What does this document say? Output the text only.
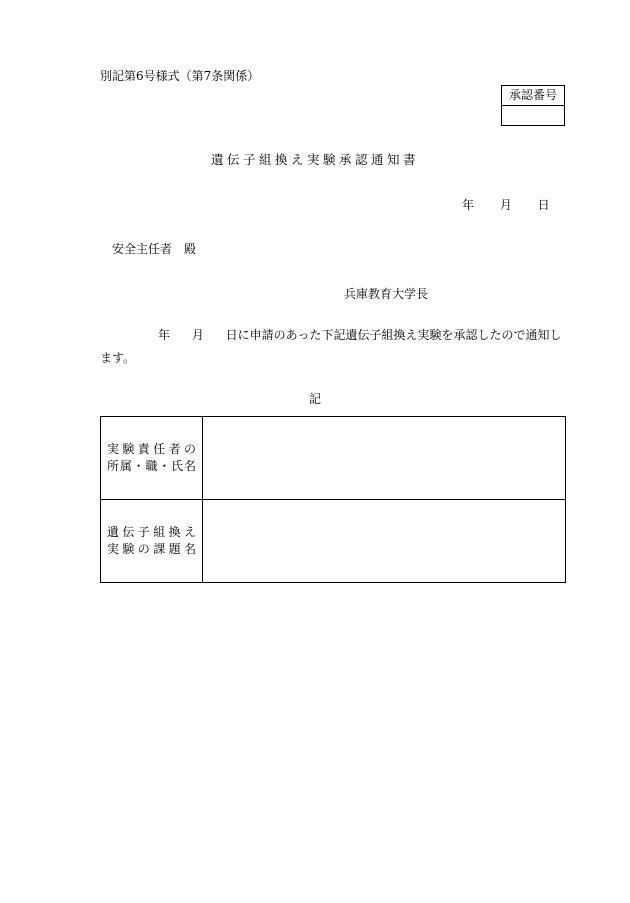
別記第6号様式（第7条関係）
承認番号
遺伝子組換え実験承認通知書
年 月 日
安全主任者　殿
兵庫教育大学長
年 月 日に申請のあった下記遺伝子組換え実験を承認したので通知します。
記
実験責任者の
所属・職・氏名	

遺伝子組換え
実験の課題名	
